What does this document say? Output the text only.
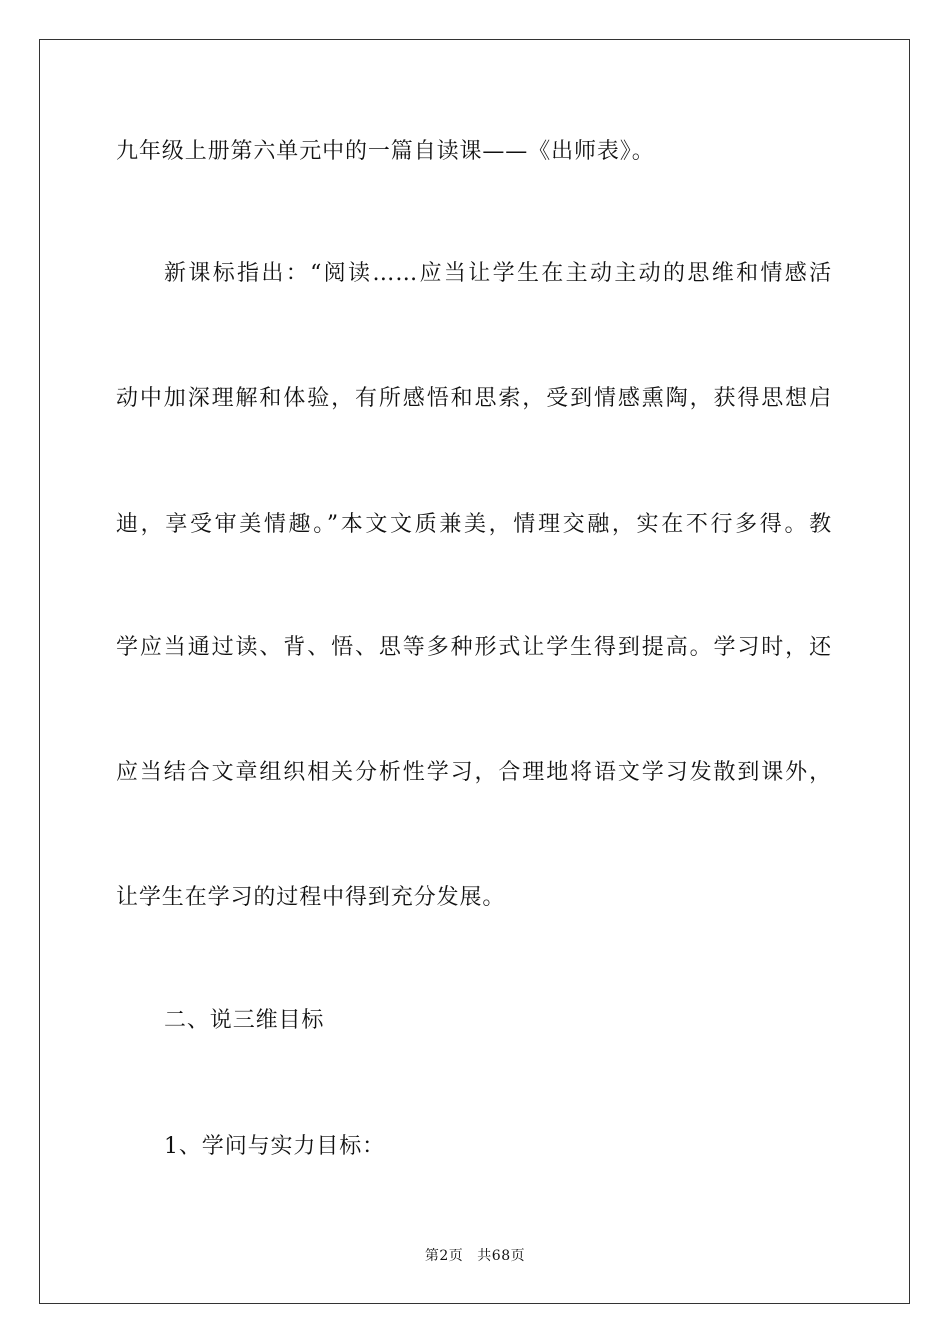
九年级上册第六单元中的一篇自读课——《出师表》。
新课标指出：“阅读……应当让学生在主动主动的思维和情感活
动中加深理解和体验，有所感悟和思索，受到情感熏陶，获得思想启
迪，享受审美情趣。”本文文质兼美，情理交融，实在不行多得。教
学应当通过读、背、悟、思等多种形式让学生得到提高。学习时，还
应当结合文章组织相关分析性学习，合理地将语文学习发散到课外，
让学生在学习的过程中得到充分发展。
二、说三维目标
1、学问与实力目标：
第2页 共68页
